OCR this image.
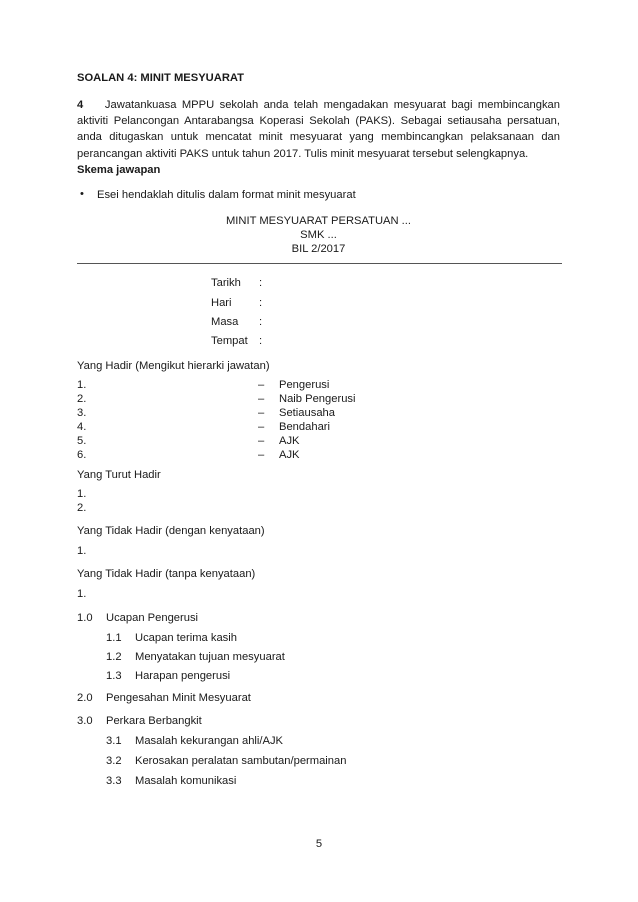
SOALAN 4: MINIT MESYUARAT
4 Jawatankuasa MPPU sekolah anda telah mengadakan mesyuarat bagi membincangkan aktiviti Pelancongan Antarabangsa Koperasi Sekolah (PAKS). Sebagai setiausaha persatuan, anda ditugaskan untuk mencatat minit mesyuarat yang membincangkan pelaksanaan dan perancangan aktiviti PAKS untuk tahun 2017. Tulis minit mesyuarat tersebut selengkapnya.
Skema jawapan
• Esei hendaklah ditulis dalam format minit mesyuarat
MINIT MESYUARAT PERSATUAN ...
SMK ...
BIL 2/2017
Tarikh :
Hari :
Masa :
Tempat :
Yang Hadir (Mengikut hierarki jawatan)
1.	– Pengerusi
2.	– Naib Pengerusi
3.	– Setiausaha
4.	– Bendahari
5.	– AJK
6.	– AJK
Yang Turut Hadir
1.
2.
Yang Tidak Hadir (dengan kenyataan)
1.
Yang Tidak Hadir (tanpa kenyataan)
1.
1.0 Ucapan Pengerusi
1.1 Ucapan terima kasih
1.2 Menyatakan tujuan mesyuarat
1.3 Harapan pengerusi
2.0 Pengesahan Minit Mesyuarat
3.0 Perkara Berbangkit
3.1 Masalah kekurangan ahli/AJK
3.2 Kerosakan peralatan sambutan/permainan
3.3 Masalah komunikasi
5
